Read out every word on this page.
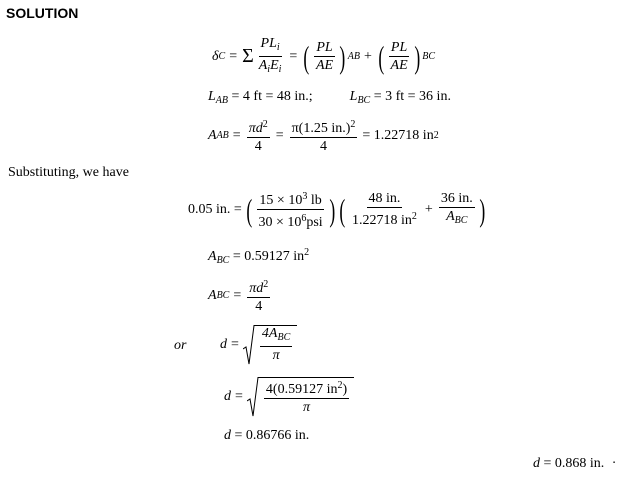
SOLUTION
δ C = Σ $\frac{PL_i}{A_iE_i}$ = ( $\frac{PL}{AE}$ ) AB + ( $\frac{PL}{AE}$ ) BC
$L_{AB} = 4$ ft = 48 in.;	$L_{BC} = 3$ ft = 36 in.
A AB = $\frac{\pi d^2}{4} = \frac{\pi(1.25 in.)^2}{4} = 1.22718$ in 2
Substituting, we have
0.05 in. = ( $\frac{15 \times 10^3 lb}{30 \times 10^6psi}$ ) ( $\frac{48 in.}{1.22718 in^2} + \frac{36 in.}{A_{BC}}$ )
$A_{BC} = 0.59127$ $in^2$
A BC = $\frac{\pi d^2}{4}$
or $d = \frac{4A_{BC}}{\pi}$
$d = \frac{4(0.59127 in^2)}{\pi}$
d = 0.86766 in.
d = 0.868 in. ·
